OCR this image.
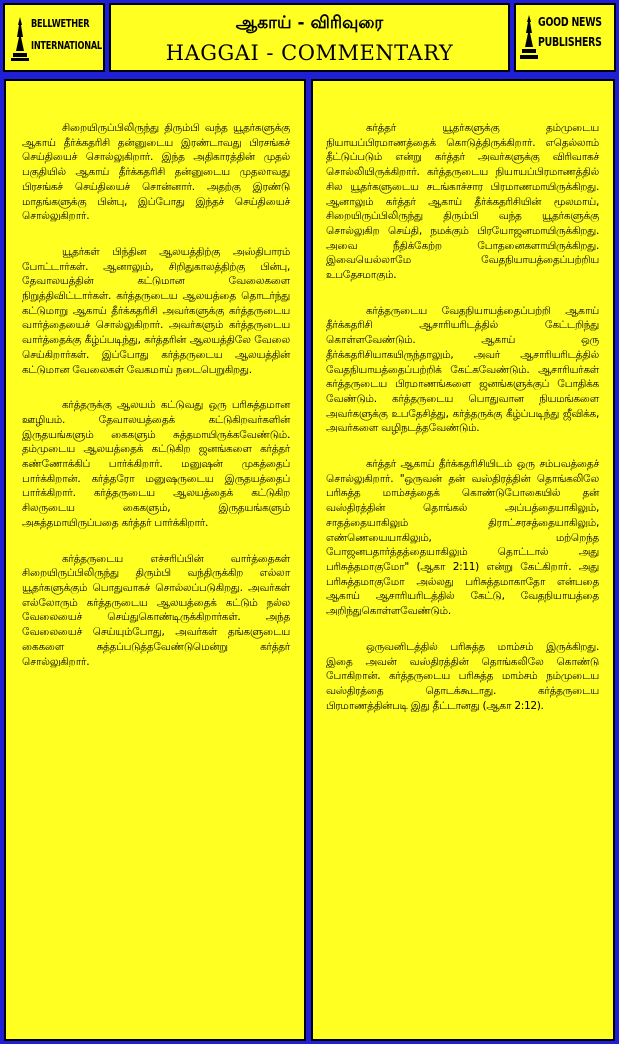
BELLWETHER
INTERNATIONAL
ஆகாய் - விரிவுரை
HAGGAI - COMMENTARY
GOOD NEWS
PUBLISHERS

சிறையிருப்பிலிருந்து திரும்பி வந்த யூதர்களுக்கு ஆகாய் தீர்க்கதரிசி தன்னுடைய இரண்டாவது பிரசங்கச் செய்தியைச் சொல்லுகிறார். இந்த அதிகாரத்தின் முதல் பகுதியில் ஆகாய் தீர்க்கதரிசி தன்னுடைய முதலாவது பிரசங்கச் செய்தியைச் சொன்னார். அதற்கு இரண்டு மாதங்களுக்கு பின்பு, இப்போது இந்தச் செய்தியைச் சொல்லுகிறார்.

யூதர்கள் பிந்தின ஆலயத்திற்கு அஸ்திபாரம் போட்டார்கள். ஆனாலும், சிறிதுகாலத்திற்கு பின்பு, தேவாலயத்தின் கட்டுமான வேலைகளை நிறுத்திவிட்டார்கள். கர்த்தருடைய ஆலயத்தை தொடர்ந்து கட்டுமாறு ஆகாய் தீர்க்கதரிசி அவர்களுக்கு கர்த்தருடைய வார்த்தையைச் சொல்லுகிறார். அவர்களும் கர்த்தருடைய வார்த்தைக்கு கீழ்ப்படிந்து, கர்த்தரின் ஆலயத்திலே வேலை செய்கிறார்கள். இப்போது கர்த்தருடைய ஆலயத்தின் கட்டுமான வேலைகள் வேகமாய் நடைபெறுகிறது.

கர்த்தருக்கு ஆலயம் கட்டுவது ஒரு பரிசுத்தமான ஊழியம். தேவாலயத்தைக் கட்டுகிறவர்களின் இருதயங்களும் கைகளும் சுத்தமாயிருக்கவேண்டும். தம்முடைய ஆலயத்தைக் கட்டுகிற ஜனங்களை கர்த்தர் கண்ணோக்கிப் பார்க்கிறார். மனுஷன் முகத்தைப் பார்க்கிறான். கர்த்தரோ மனுஷருடைய இருதயத்தைப் பார்க்கிறார். கர்த்தருடைய ஆலயத்தைக் கட்டுகிற சிலருடைய கைகளும், இருதயங்களும் அசுத்தமாயிருப்பதை கர்த்தர் பார்க்கிறார்.

கர்த்தருடைய எச்சரிப்பின் வார்த்தைகள் சிறையிருப்பிலிருந்து திரும்பி வந்திருக்கிற எல்லா யூதர்களுக்கும் பொதுவாகச் சொல்லப்படுகிறது. அவர்கள் எல்லோரும் கர்த்தருடைய ஆலயத்தைக் கட்டும் நல்ல வேலையைச் செய்துகொண்டிருக்கிறார்கள். அந்த வேலையைச் செய்யும்போது, அவர்கள் தங்களுடைய கைகளை சுத்தப்படுத்தவேண்டுமென்று கர்த்தர் சொல்லுகிறார்.

கர்த்தர் யூதர்களுக்கு தம்முடைய நியாயப்பிரமாணத்தைக் கொடுத்திருக்கிறார். எதெல்லாம் தீட்டுப்படும் என்று கர்த்தர் அவர்களுக்கு விரிவாகச் சொல்லியிருக்கிறார். கர்த்தருடைய நியாயப்பிரமாணத்தில் சில யூதர்களுடைய சடங்காச்சார பிரமாணமாயிருக்கிறது. ஆனாலும் கர்த்தர் ஆகாய் தீர்க்கதரிசியின் மூலமாய், சிறையிருப்பிலிருந்து திரும்பி வந்த யூதர்களுக்கு சொல்லுகிற செய்தி, நமக்கும் பிரயோஜனமாயிருக்கிறது. அவை நீதிக்கேற்ற போதனைகளாயிருக்கிறது. இவையெல்லாமே வேதநியாயத்தைப்பற்றிய உபதேசமாகும்.

கர்த்தருடைய வேதநியாயத்தைப்பற்றி ஆகாய் தீர்க்கதரிசி ஆசாரியரிடத்தில் கேட்டறிந்து கொள்ளவேண்டும். ஆகாய் ஒரு தீர்க்கதரிசியாகயிருந்தாலும், அவர் ஆசாரியரிடத்தில் வேதநியாயத்தைப்பற்றிக் கேட்கவேண்டும். ஆசாரியர்கள் கர்த்தருடைய பிரமாணங்களை ஜனங்களுக்குப் போதிக்க வேண்டும். கர்த்தருடைய பொதுவான நியமங்களை அவர்களுக்கு உபதேசித்து, கர்த்தருக்கு கீழ்ப்படிந்து ஜீவிக்க, அவர்களை வழிநடத்தவேண்டும்.

கர்த்தர் ஆகாய் தீர்க்கதரிசியிடம் ஒரு சம்பவத்தைச் சொல்லுகிறார். "ஒருவன் தன் வஸ்திரத்தின் தொங்கலிலே பரிசுத்த மாம்சத்தைக் கொண்டுபோகையில் தன் வஸ்திரத்தின் தொங்கல் அப்பத்தையாகிலும், சாதத்தையாகிலும் திராட்சரசத்தையாகிலும், எண்ணெயையாகிலும், மற்றெந்த போஜனபதார்த்தத்தையாகிலும் தொட்டால் அது பரிசுத்தமாகுமோ" (ஆகா 2:11) என்று கேட்கிறார். அது பரிசுத்தமாகுமோ அல்லது பரிசுத்தமாகாதோ என்பதை ஆகாய் ஆசாரியரிடத்தில் கேட்டு, வேதநியாயத்தை அறிந்துகொள்ளவேண்டும்.

ஒருவனிடத்தில் பரிசுத்த மாம்சம் இருக்கிறது. இதை அவன் வஸ்திரத்தின் தொங்கலிலே கொண்டு போகிறான். கர்த்தருடைய பரிசுத்த மாம்சம் நம்முடைய வஸ்திரத்தை தொடக்கூடாது. கர்த்தருடைய பிரமாணத்தின்படி இது தீட்டானது (ஆகா 2:12).
